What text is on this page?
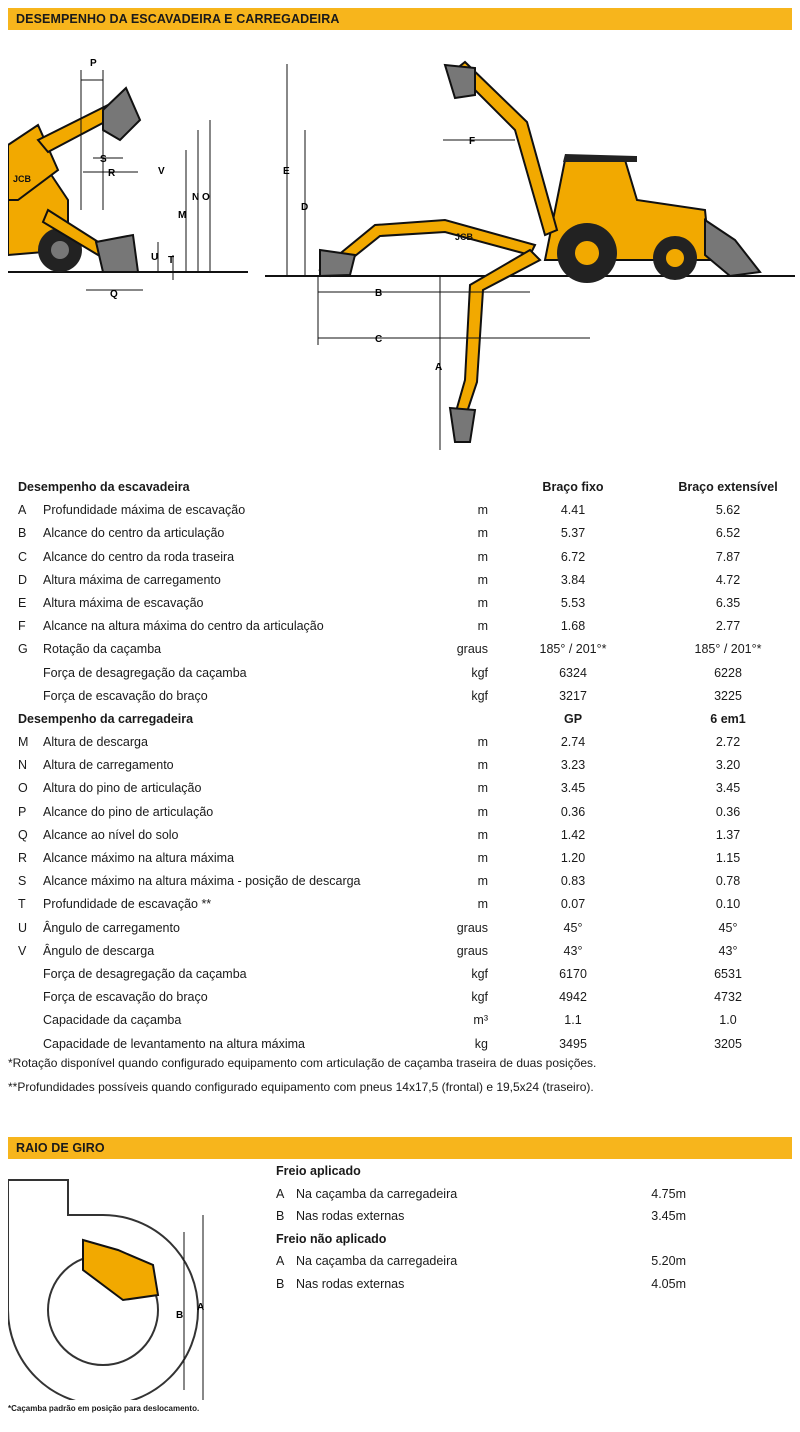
DESEMPENHO DA ESCAVADEIRA E CARREGADEIRA
P
S
R	V
N O
M
U T
Q
JCB
E
D
F
B
C
A
JCB
Desempenho da escavadeira	Braço fixo	Braço extensível
A Profundidade máxima de escavação	m	4.41	5.62
B Alcance do centro da articulação	m	5.37	6.52
C Alcance do centro da roda traseira	m	6.72	7.87
D Altura máxima de carregamento	m	3.84	4.72
E Altura máxima de escavação	m	5.53	6.35
F Alcance na altura máxima do centro da articulação	m	1.68	2.77
G Rotação da caçamba	graus	185° / 201°*	185° / 201°*
Força de desagregação da caçamba	kgf	6324	6228
Força de escavação do braço	kgf	3217	3225
Desempenho da carregadeira	GP	6 em1
M Altura de descarga	m	2.74	2.72
N Altura de carregamento	m	3.23	3.20
O Altura do pino de articulação	m	3.45	3.45
P Alcance do pino de articulação	m	0.36	0.36
Q Alcance ao nível do solo	m	1.42	1.37
R Alcance máximo na altura máxima	m	1.20	1.15
S Alcance máximo na altura máxima - posição de descarga	m	0.83	0.78
T Profundidade de escavação **	m	0.07	0.10
U Ângulo de carregamento	graus	45°	45°
V Ângulo de descarga	graus	43°	43°
Força de desagregação da caçamba	kgf	6170	6531
Força de escavação do braço	kgf	4942	4732
Capacidade da caçamba	m³	1.1	1.0
Capacidade de levantamento na altura máxima	kg	3495	3205
*Rotação disponível quando configurado equipamento com articulação de caçamba traseira de duas posições.
**Profundidades possíveis quando configurado equipamento com pneus 14x17,5 (frontal) e 19,5x24 (traseiro).
RAIO DE GIRO
B
A
Freio aplicado
A Na caçamba da carregadeira	4.75m
B Nas rodas externas	3.45m
Freio não aplicado
A Na caçamba da carregadeira	5.20m
B Nas rodas externas	4.05m
*Caçamba padrão em posição para deslocamento.
